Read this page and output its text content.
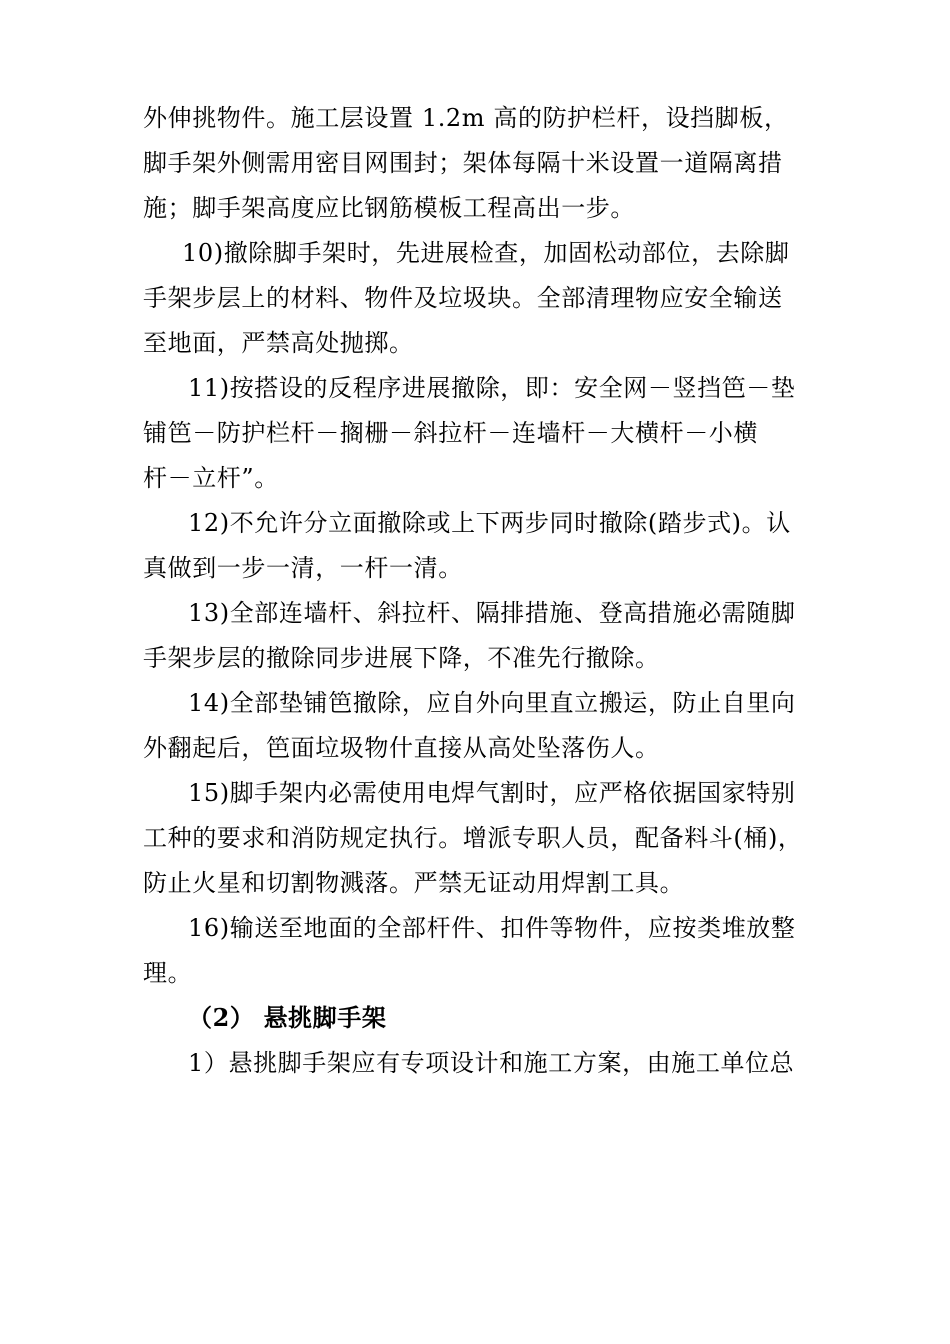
外伸挑物件。施工层设置 1.2m 高的防护栏杆，设挡脚板，
脚手架外侧需用密目网围封；架体每隔十米设置一道隔离措
施；脚手架高度应比钢筋模板工程高出一步。
10)撤除脚手架时，先进展检查，加固松动部位，去除脚
手架步层上的材料、物件及垃圾块。全部清理物应安全输送
至地面，严禁高处抛掷。
11)按搭设的反程序进展撤除，即：安全网－竖挡笆－垫
铺笆－防护栏杆－搁栅－斜拉杆－连墙杆－大横杆－小横
杆－立杆”。
12)不允许分立面撤除或上下两步同时撤除(踏步式)。认
真做到一步一清，一杆一清。
13)全部连墙杆、斜拉杆、隔排措施、登高措施必需随脚
手架步层的撤除同步进展下降，不准先行撤除。
14)全部垫铺笆撤除，应自外向里直立搬运，防止自里向
外翻起后，笆面垃圾物什直接从高处坠落伤人。
15)脚手架内必需使用电焊气割时，应严格依据国家特别
工种的要求和消防规定执行。增派专职人员，配备料斗(桶)，
防止火星和切割物溅落。严禁无证动用焊割工具。
16)输送至地面的全部杆件、扣件等物件，应按类堆放整
理。
（2） 悬挑脚手架
1）悬挑脚手架应有专项设计和施工方案，由施工单位总
